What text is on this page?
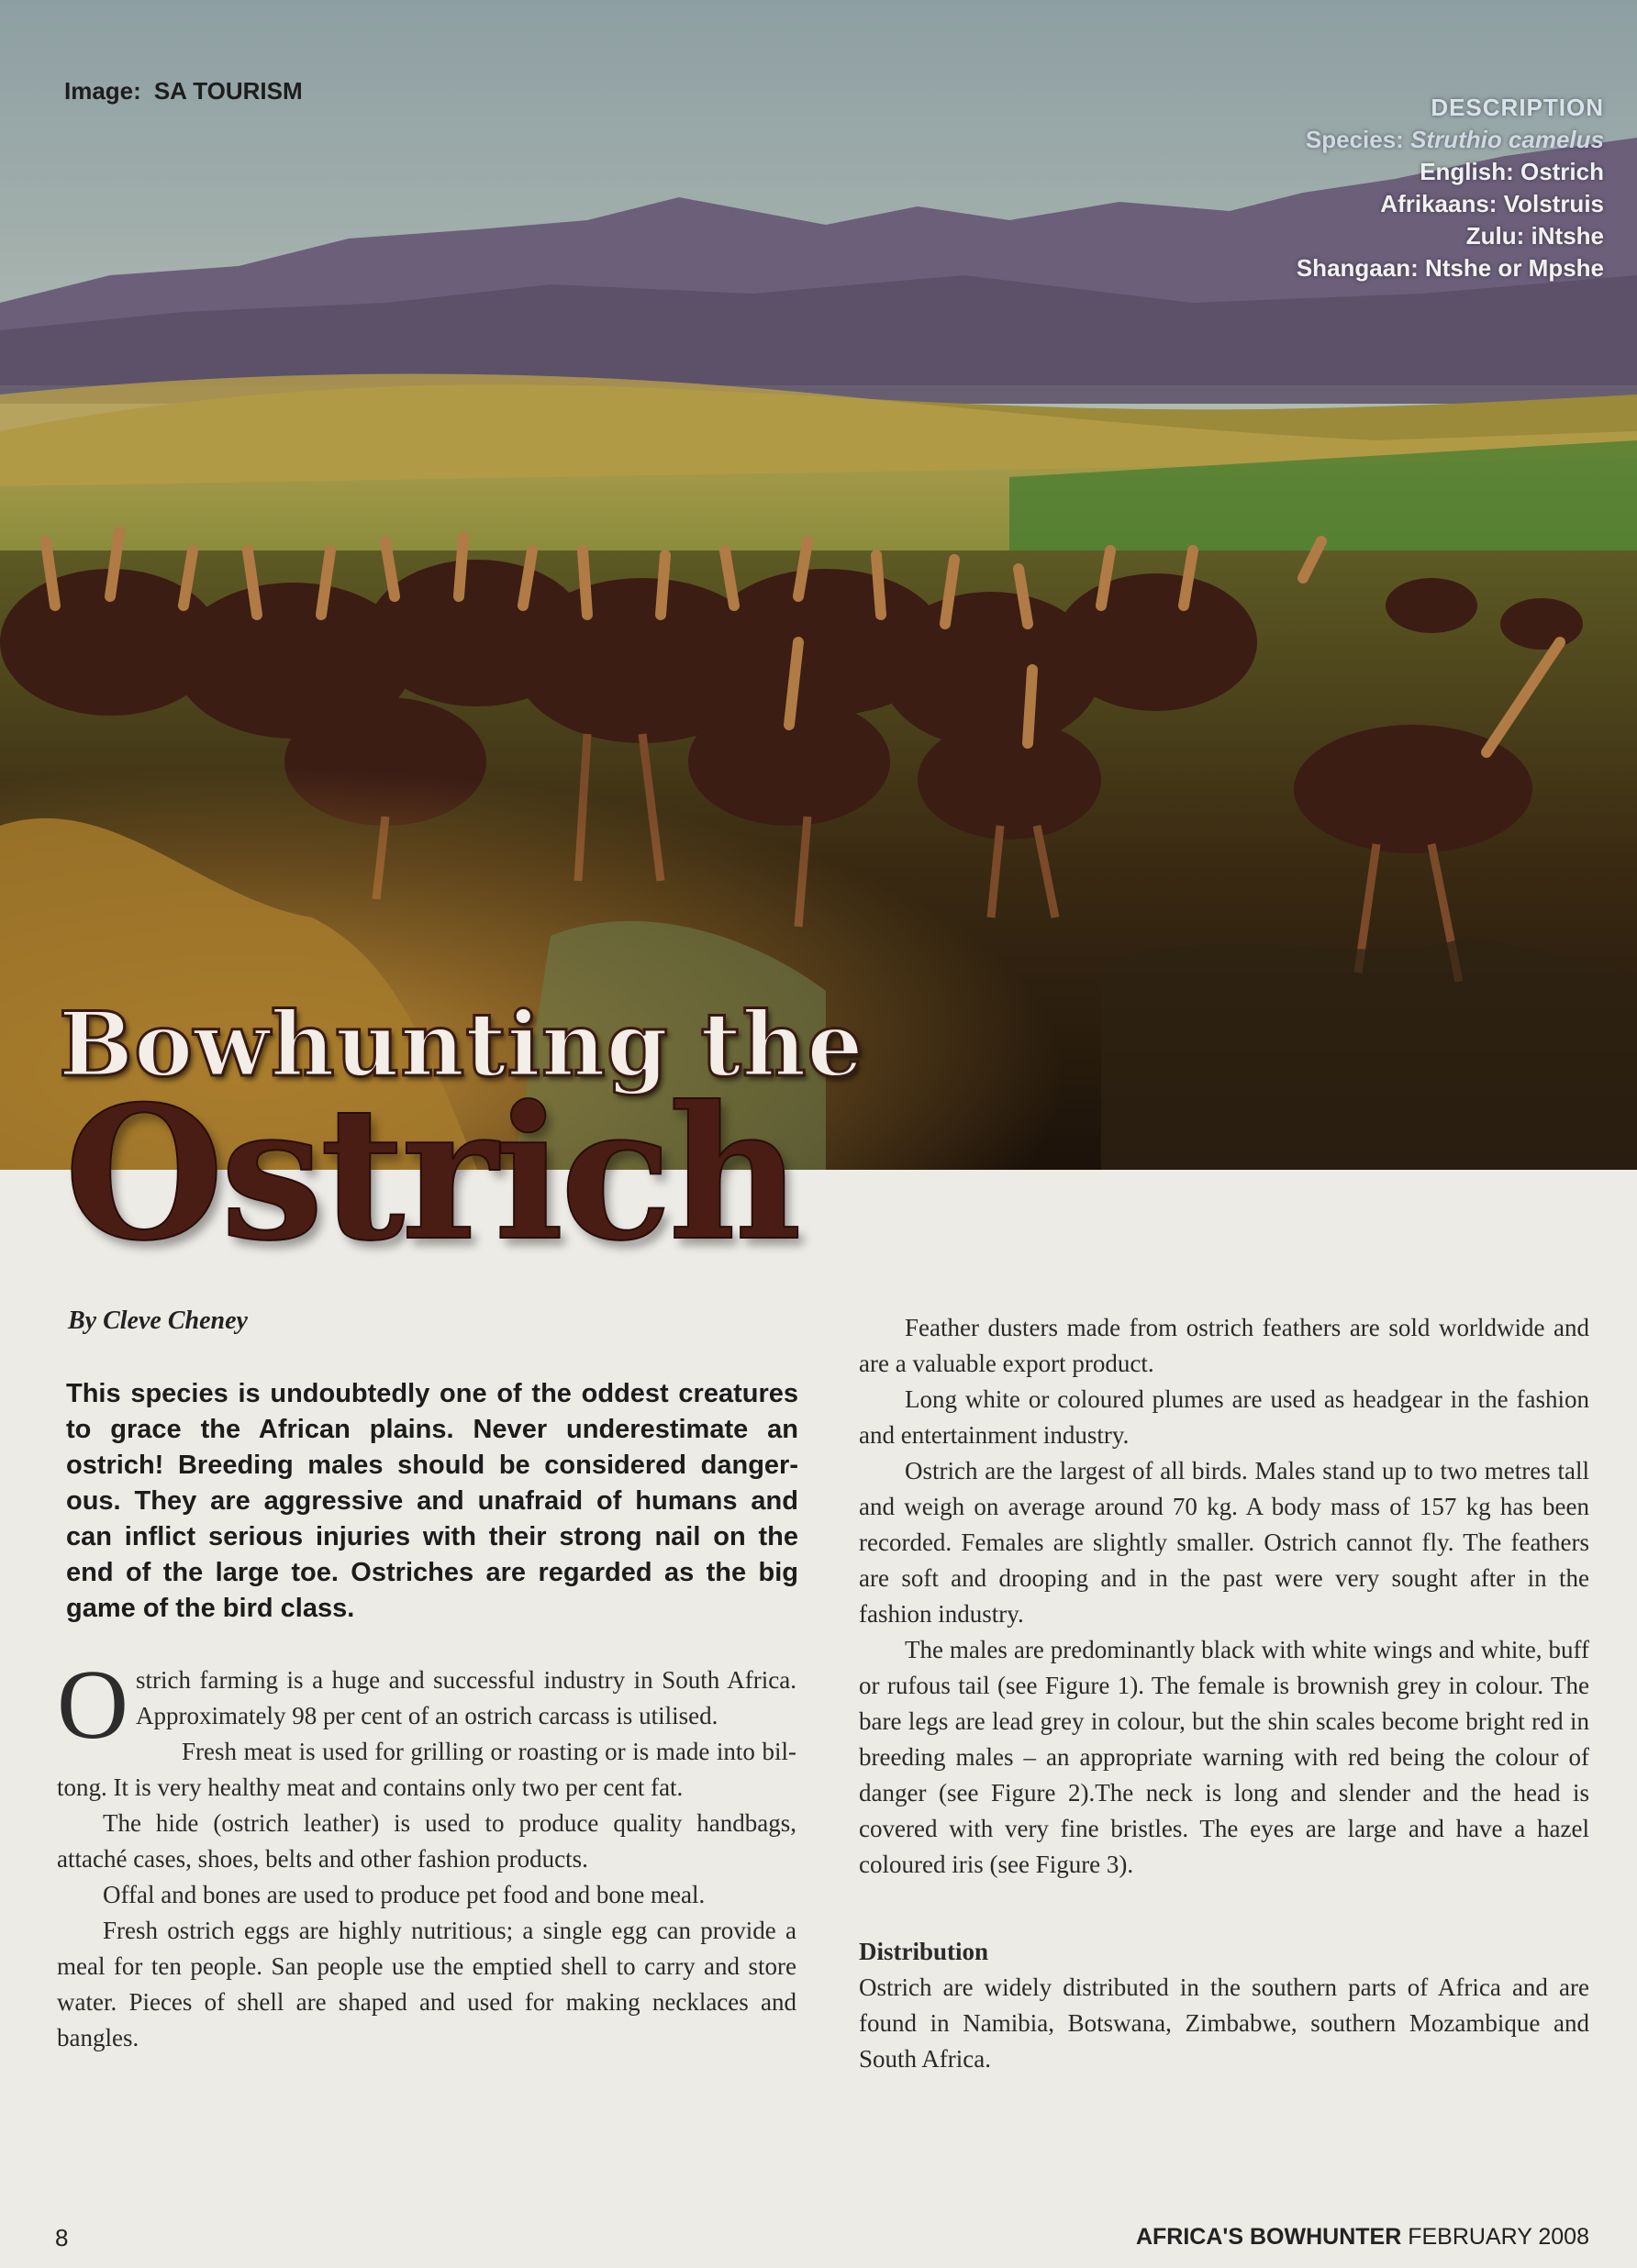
Image: SA TOURISM
DESCRIPTION
Species: Struthio camelus
English: Ostrich
Afrikaans: Volstruis
Zulu: iNtshe
Shangaan: Ntshe or Mpshe
Bowhunting the
Ostrich
By Cleve Cheney
This species is undoubtedly one of the oddest creatures to grace the African plains. Never underestimate an ostrich! Breeding males should be considered dangerous. They are aggressive and unafraid of humans and can inflict serious injuries with their strong nail on the end of the large toe. Ostriches are regarded as the big game of the bird class.

Ostrich farming is a huge and successful industry in South Africa. Approximately 98 per cent of an ostrich carcass is utilised.

Fresh meat is used for grilling or roasting or is made into biltong. It is very healthy meat and contains only two per cent fat.

The hide (ostrich leather) is used to produce quality handbags, attaché cases, shoes, belts and other fashion products.

Offal and bones are used to produce pet food and bone meal.

Fresh ostrich eggs are highly nutritious; a single egg can provide a meal for ten people. San people use the emptied shell to carry and store water. Pieces of shell are shaped and used for making necklaces and bangles.

Feather dusters made from ostrich feathers are sold worldwide and are a valuable export product.

Long white or coloured plumes are used as headgear in the fashion and entertainment industry.

Ostrich are the largest of all birds. Males stand up to two metres tall and weigh on average around 70 kg. A body mass of 157 kg has been recorded. Females are slightly smaller. Ostrich cannot fly. The feathers are soft and drooping and in the past were very sought after in the fashion industry.

The males are predominantly black with white wings and white, buff or rufous tail (see Figure 1). The female is brownish grey in colour. The bare legs are lead grey in colour, but the shin scales become bright red in breeding males – an appropriate warning with red being the colour of danger (see Figure 2).The neck is long and slender and the head is covered with very fine bristles. The eyes are large and have a hazel coloured iris (see Figure 3).

Distribution

Ostrich are widely distributed in the southern parts of Africa and are found in Namibia, Botswana, Zimbabwe, southern Mozambique and South Africa.

8	AFRICA'S BOWHUNTER FEBRUARY 2008
